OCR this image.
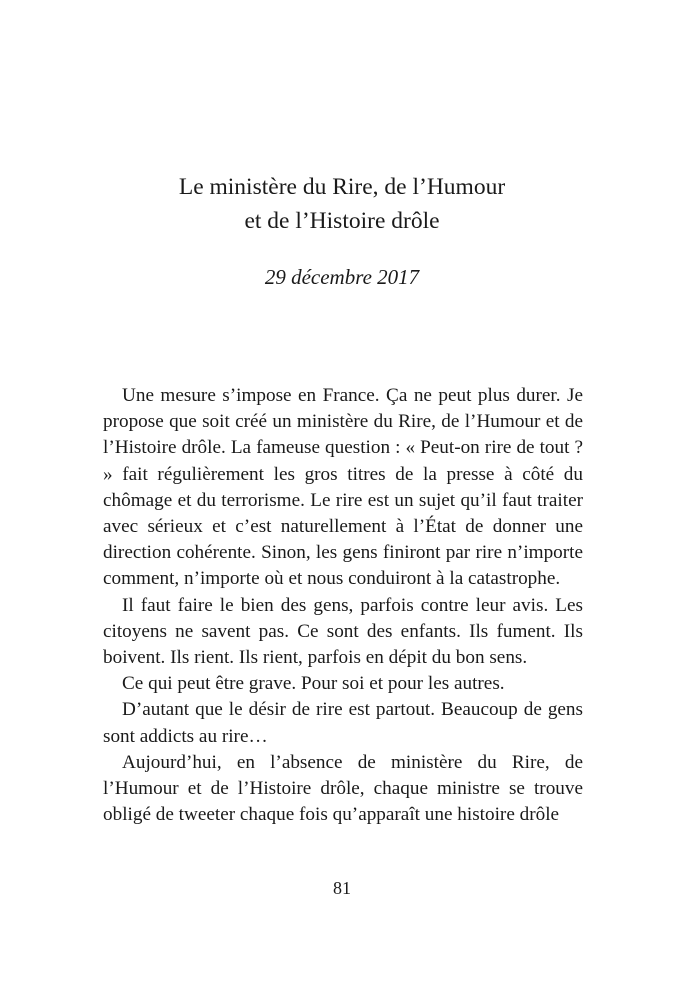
Le ministère du Rire, de l’Humour
et de l’Histoire drôle
29 décembre 2017

Une mesure s’impose en France. Ça ne peut plus durer. Je propose que soit créé un ministère du Rire, de l’Humour et de l’Histoire drôle. La fameuse question : « Peut-on rire de tout ? » fait régulièrement les gros titres de la presse à côté du chômage et du terrorisme. Le rire est un sujet qu’il faut traiter avec sérieux et c’est naturellement à l’État de donner une direction cohérente. Sinon, les gens finiront par rire n’importe comment, n’importe où et nous conduiront à la catastrophe.

Il faut faire le bien des gens, parfois contre leur avis. Les citoyens ne savent pas. Ce sont des enfants. Ils fument. Ils boivent. Ils rient. Ils rient, parfois en dépit du bon sens.

Ce qui peut être grave. Pour soi et pour les autres.

D’autant que le désir de rire est partout. Beaucoup de gens sont addicts au rire…

Aujourd’hui, en l’absence de ministère du Rire, de l’Humour et de l’Histoire drôle, chaque ministre se trouve obligé de tweeter chaque fois qu’apparaît une histoire drôle

81
